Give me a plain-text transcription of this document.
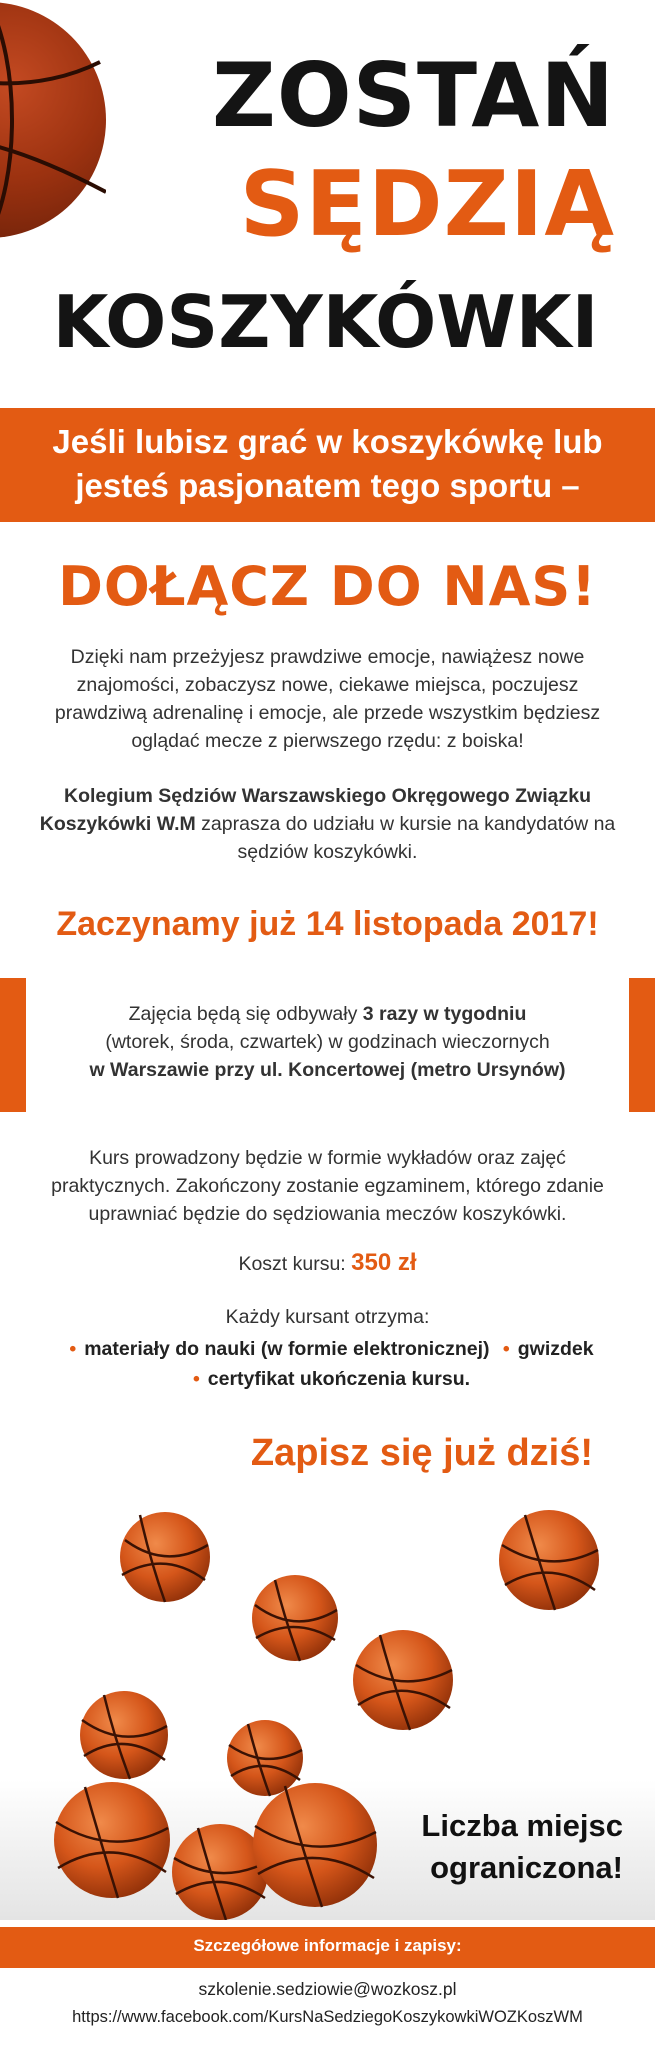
ZOSTAŃ
SĘDZIĄ
KOSZYKÓWKI
Jeśli lubisz grać w koszykówkę lub jesteś pasjonatem tego sportu –
DOŁĄCZ DO NAS!
Dzięki nam przeżyjesz prawdziwe emocje, nawiążesz nowe znajomości, zobaczysz nowe, ciekawe miejsca, poczujesz prawdziwą adrenalinę i emocje, ale przede wszystkim będziesz oglądać mecze z pierwszego rzędu: z boiska!
Kolegium Sędziów Warszawskiego Okręgowego Związku Koszykówki W.M zaprasza do udziału w kursie na kandydatów na sędziów koszykówki.
Zaczynamy już 14 listopada 2017!
Zajęcia będą się odbywały 3 razy w tygodniu
(wtorek, środa, czwartek) w godzinach wieczornych
w Warszawie przy ul. Koncertowej (metro Ursynów)
Kurs prowadzony będzie w formie wykładów oraz zajęć praktycznych. Zakończony zostanie egzaminem, którego zdanie uprawniać będzie do sędziowania meczów koszykówki.
Koszt kursu: 350 zł
Każdy kursant otrzyma:
• materiały do nauki (w formie elektronicznej) • gwizdek
• certyfikat ukończenia kursu.
Zapisz się już dziś!
Liczba miejsc ograniczona!
Szczegółowe informacje i zapisy:
szkolenie.sedziowie@wozkosz.pl
https://www.facebook.com/KursNaSedziegoKoszykowkiWOZKoszWM
